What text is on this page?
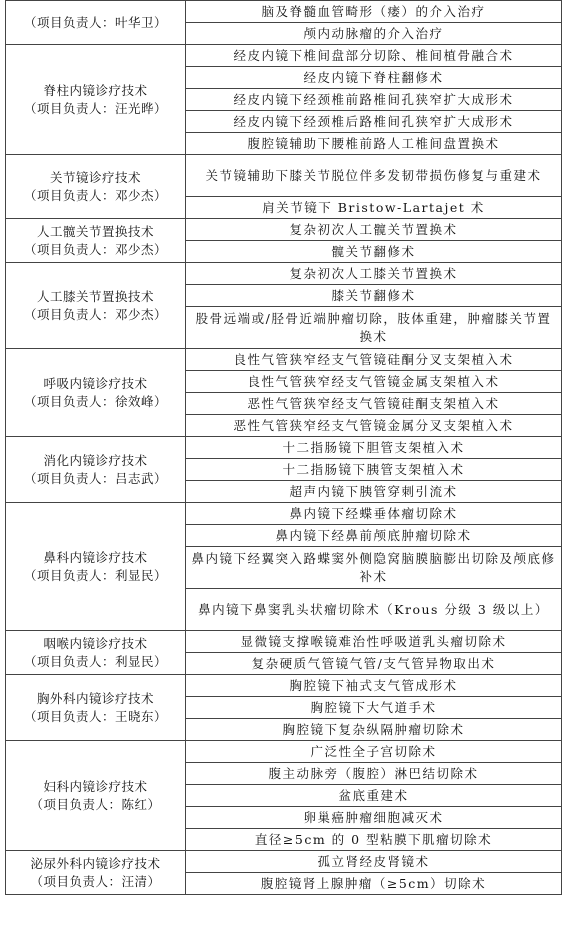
（项目负责人：叶华卫）	脑及脊髓血管畸形（瘘）的介入治疗
	颅内动脉瘤的介入治疗

脊柱内镜诊疗技术
（项目负责人：汪光晔）	经皮内镜下椎间盘部分切除、椎间植骨融合术
	经皮内镜下脊柱翻修术
	经皮内镜下经颈椎前路椎间孔狭窄扩大成形术
	经皮内镜下经颈椎后路椎间孔狭窄扩大成形术
	腹腔镜辅助下腰椎前路人工椎间盘置换术

关节镜诊疗技术
（项目负责人：邓少杰）	关节镜辅助下膝关节脱位伴多发韧带损伤修复与重建术
	肩关节镜下 Bristow-Lartajet 术

人工髋关节置换技术
（项目负责人：邓少杰）	复杂初次人工髋关节置换术
	髋关节翻修术

人工膝关节置换技术
（项目负责人：邓少杰）	复杂初次人工膝关节置换术
	膝关节翻修术
	股骨远端或/胫骨近端肿瘤切除，肢体重建，肿瘤膝关节置换术

呼吸内镜诊疗技术
（项目负责人：徐效峰）	良性气管狭窄经支气管镜硅酮分叉支架植入术
	良性气管狭窄经支气管镜金属支架植入术
	恶性气管狭窄经支气管镜硅酮支架植入术
	恶性气管狭窄经支气管镜金属分叉支架植入术

消化内镜诊疗技术
（项目负责人：吕志武）	十二指肠镜下胆管支架植入术
	十二指肠镜下胰管支架植入术
	超声内镜下胰管穿刺引流术

鼻科内镜诊疗技术
（项目负责人：利显民）	鼻内镜下经蝶垂体瘤切除术
	鼻内镜下经鼻前颅底肿瘤切除术
	鼻内镜下经翼突入路蝶窦外侧隐窝脑膜脑膨出切除及颅底修补术
	鼻内镜下鼻窦乳头状瘤切除术（Krous 分级 3 级以上）

咽喉内镜诊疗技术
（项目负责人：利显民）	显微镜支撑喉镜难治性呼吸道乳头瘤切除术
	复杂硬质气管镜气管/支气管异物取出术

胸外科内镜诊疗技术
（项目负责人：王晓东）	胸腔镜下袖式支气管成形术
	胸腔镜下大气道手术
	胸腔镜下复杂纵隔肿瘤切除术

妇科内镜诊疗技术
（项目负责人：陈红）	广泛性全子宫切除术
	腹主动脉旁（腹腔）淋巴结切除术
	盆底重建术
	卵巢癌肿瘤细胞减灭术
	直径≥5cm 的 0 型粘膜下肌瘤切除术

泌尿外科内镜诊疗技术
（项目负责人：汪清）	孤立肾经皮肾镜术
	腹腔镜肾上腺肿瘤（≥5cm）切除术
